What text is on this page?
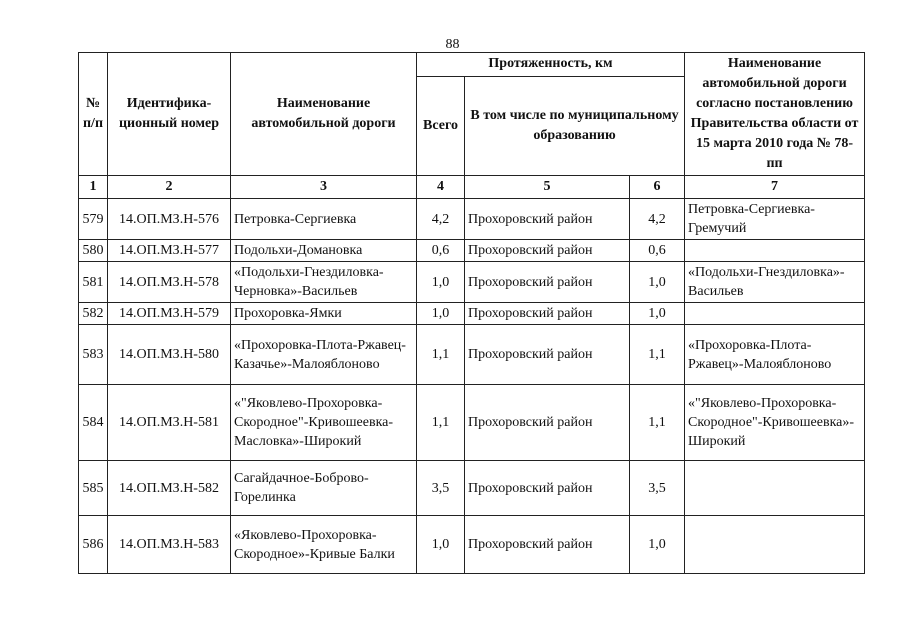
88
№ п/п	Идентифика-ционный номер	Наименование автомобильной дороги	Протяженность, км			Наименование автомобильной дороги согласно постановлению Правительства области от 15 марта 2010 года № 78-пп
			Всего	В том числе по муниципальному образованию		
1	2	3	4	5	6	7
579	14.ОП.МЗ.Н-576	Петровка-Сергиевка	4,2	Прохоровский район	4,2	Петровка-Сергиевка-Гремучий
580	14.ОП.МЗ.Н-577	Подольхи-Домановка	0,6	Прохоровский район	0,6	
581	14.ОП.МЗ.Н-578	«Подольхи-Гнездиловка-Черновка»-Васильев	1,0	Прохоровский район	1,0	«Подольхи-Гнездиловка»-Васильев
582	14.ОП.МЗ.Н-579	Прохоровка-Ямки	1,0	Прохоровский район	1,0	
583	14.ОП.МЗ.Н-580	«Прохоровка-Плота-Ржавец-Казачье»-Малояблоново	1,1	Прохоровский район	1,1	«Прохоровка-Плота-Ржавец»-Малояблоново
584	14.ОП.МЗ.Н-581	«"Яковлево-Прохоровка-Скородное"-Кривошеевка-Масловка»-Широкий	1,1	Прохоровский район	1,1	«"Яковлево-Прохоровка-Скородное"-Кривошеевка»-Широкий
585	14.ОП.МЗ.Н-582	Сагайдачное-Боброво-Горелинка	3,5	Прохоровский район	3,5	
586	14.ОП.МЗ.Н-583	«Яковлево-Прохоровка-Скородное»-Кривые Балки	1,0	Прохоровский район	1,0	
